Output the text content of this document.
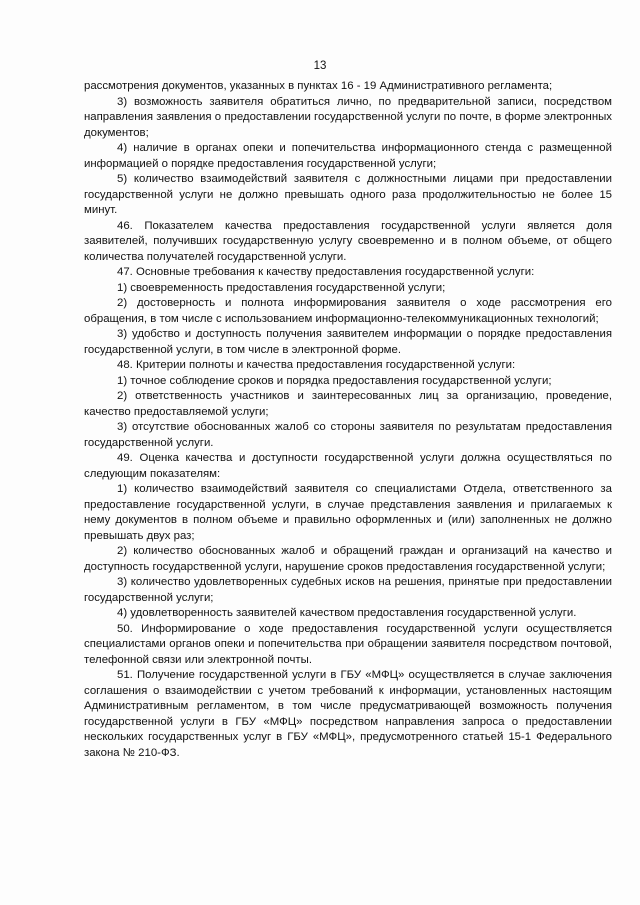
13

рассмотрения документов, указанных в пунктах 16 - 19 Административного регламента;

3) возможность заявителя обратиться лично, по предварительной записи, посредством направления заявления о предоставлении государственной услуги по почте, в форме электронных документов;

4) наличие в органах опеки и попечительства информационного стенда с размещенной информацией о порядке предоставления государственной услуги;

5) количество взаимодействий заявителя с должностными лицами при предоставлении государственной услуги не должно превышать одного раза продолжительностью не более 15 минут.

46. Показателем качества предоставления государственной услуги является доля заявителей, получивших государственную услугу своевременно и в полном объеме, от общего количества получателей государственной услуги.

47. Основные требования к качеству предоставления государственной услуги:

1) своевременность предоставления государственной услуги;

2) достоверность и полнота информирования заявителя о ходе рассмотрения его обращения, в том числе с использованием информационно-телекоммуникационных технологий;

3) удобство и доступность получения заявителем информации о порядке предоставления государственной услуги, в том числе в электронной форме.

48. Критерии полноты и качества предоставления государственной услуги:

1) точное соблюдение сроков и порядка предоставления государственной услуги;

2) ответственность участников и заинтересованных лиц за организацию, проведение, качество предоставляемой услуги;

3) отсутствие обоснованных жалоб со стороны заявителя по результатам предоставления государственной услуги.

49. Оценка качества и доступности государственной услуги должна осуществляться по следующим показателям:

1) количество взаимодействий заявителя со специалистами Отдела, ответственного за предоставление государственной услуги, в случае представления заявления и прилагаемых к нему документов в полном объеме и правильно оформленных и (или) заполненных не должно превышать двух раз;

2) количество обоснованных жалоб и обращений граждан и организаций на качество и доступность государственной услуги, нарушение сроков предоставления государственной услуги;

3) количество удовлетворенных судебных исков на решения, принятые при предоставлении государственной услуги;

4) удовлетворенность заявителей качеством предоставления государственной услуги.

50. Информирование о ходе предоставления государственной услуги осуществляется специалистами органов опеки и попечительства при обращении заявителя посредством почтовой, телефонной связи или электронной почты.

51. Получение государственной услуги в ГБУ «МФЦ» осуществляется в случае заключения соглашения о взаимодействии с учетом требований к информации, установленных настоящим Административным регламентом, в том числе предусматривающей возможность получения государственной услуги в ГБУ «МФЦ» посредством направления запроса о предоставлении нескольких государственных услуг в ГБУ «МФЦ», предусмотренного статьей 15-1 Федерального закона № 210-ФЗ.
